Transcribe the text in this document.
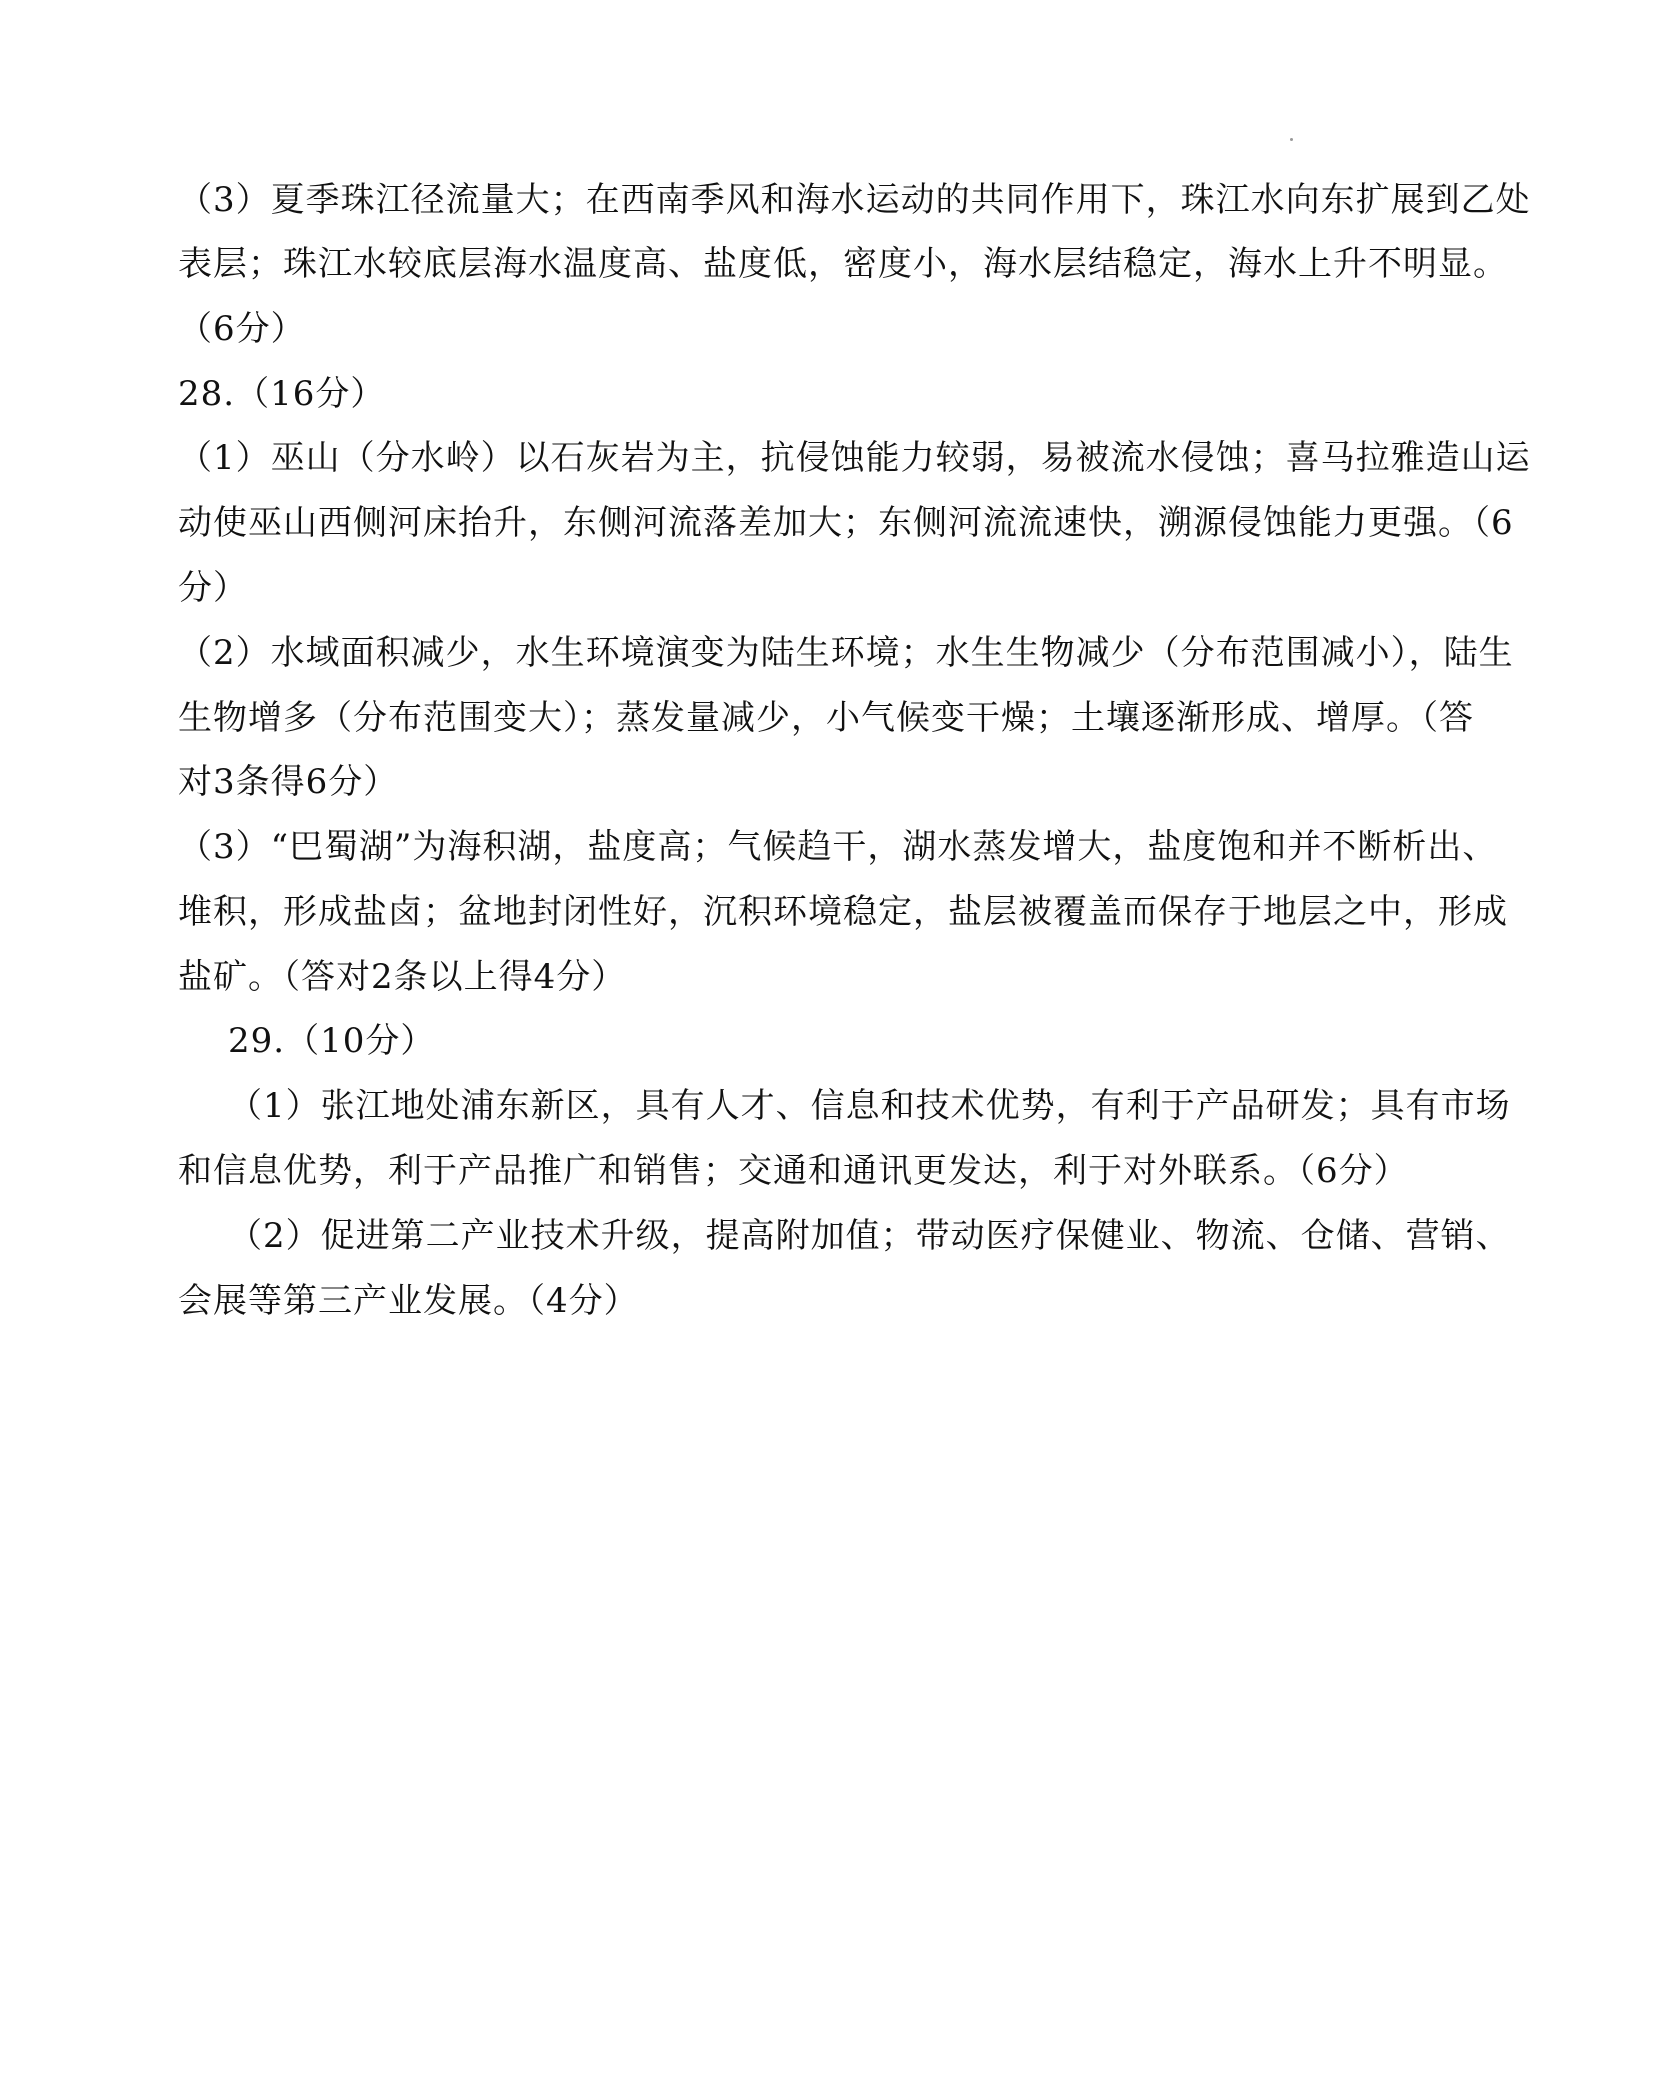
（3）夏季珠江径流量大；在西南季风和海水运动的共同作用下，珠江水向东扩展到乙处
表层；珠江水较底层海水温度高、盐度低，密度小，海水层结稳定，海水上升不明显。
（6分）
28.（16分）
（1）巫山（分水岭）以石灰岩为主，抗侵蚀能力较弱，易被流水侵蚀；喜马拉雅造山运
动使巫山西侧河床抬升，东侧河流落差加大；东侧河流流速快，溯源侵蚀能力更强。（6
分）
（2）水域面积减少，水生环境演变为陆生环境；水生生物减少（分布范围减小），陆生
生物增多（分布范围变大）；蒸发量减少，小气候变干燥；土壤逐渐形成、增厚。（答
对3条得6分）
（3）“巴蜀湖”为海积湖，盐度高；气候趋干，湖水蒸发增大，盐度饱和并不断析出、
堆积，形成盐卤；盆地封闭性好，沉积环境稳定，盐层被覆盖而保存于地层之中，形成
盐矿。（答对2条以上得4分）
29.（10分）
（1）张江地处浦东新区，具有人才、信息和技术优势，有利于产品研发；具有市场
和信息优势，利于产品推广和销售；交通和通讯更发达，利于对外联系。（6分）
（2）促进第二产业技术升级，提高附加值；带动医疗保健业、物流、仓储、营销、
会展等第三产业发展。（4分）
